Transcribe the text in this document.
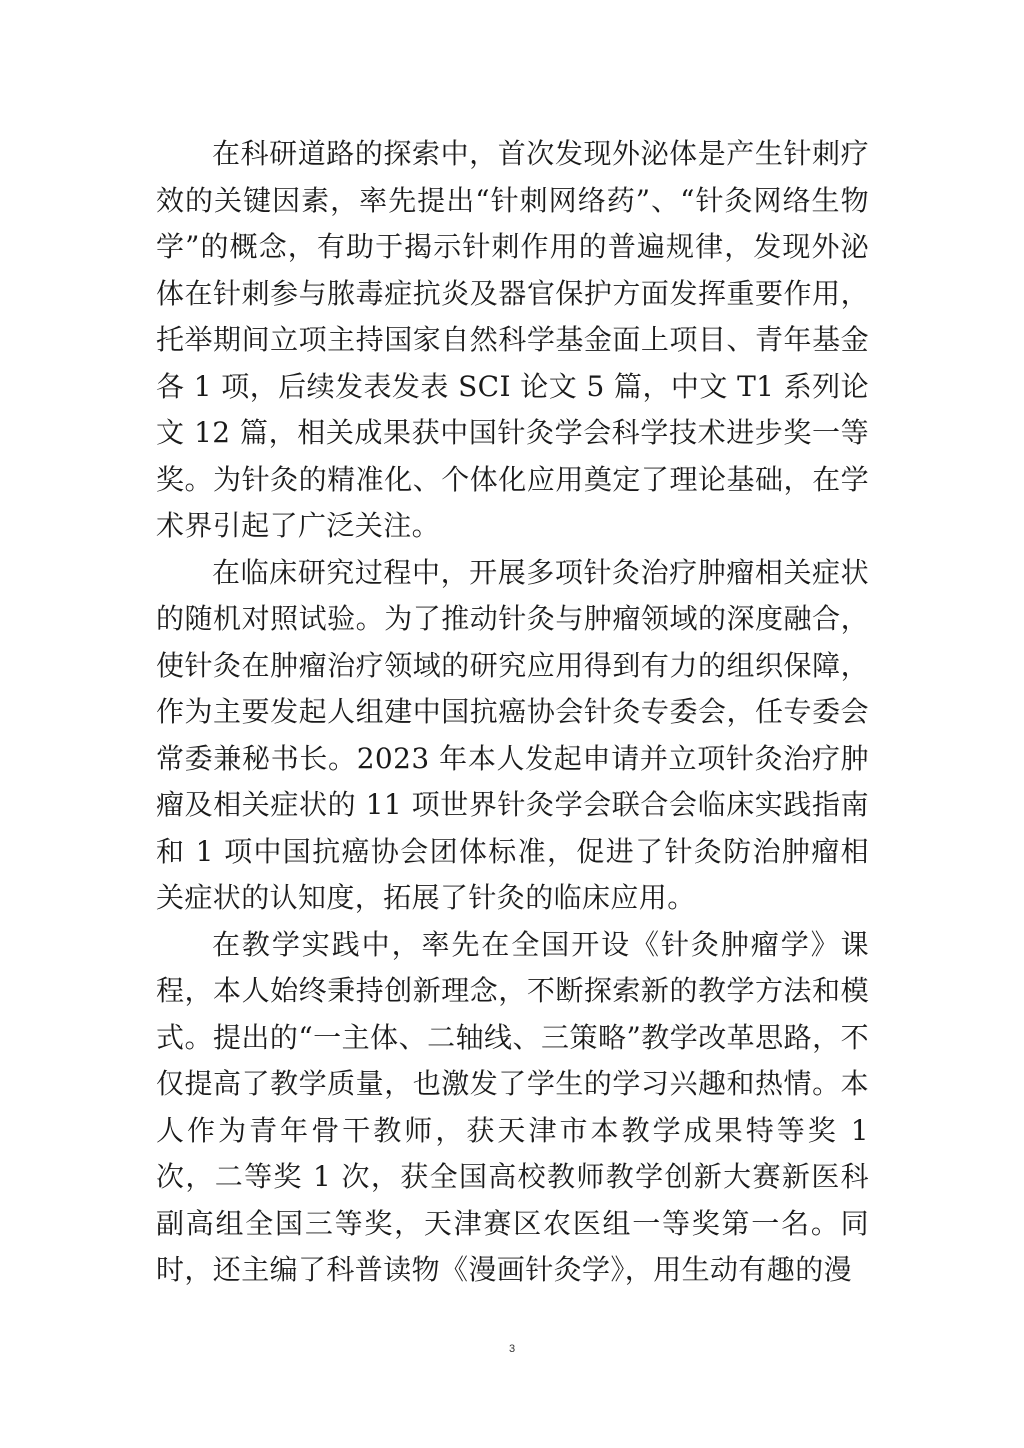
在科研道路的探索中，首次发现外泌体是产生针刺疗效的关键因素，率先提出“针刺网络药”、“针灸网络生物学”的概念，有助于揭示针刺作用的普遍规律，发现外泌体在针刺参与脓毒症抗炎及器官保护方面发挥重要作用，托举期间立项主持国家自然科学基金面上项目、青年基金各 1 项，后续发表发表 SCI 论文 5 篇，中文 T1 系列论文 12 篇，相关成果获中国针灸学会科学技术进步奖一等奖。为针灸的精准化、个体化应用奠定了理论基础，在学术界引起了广泛关注。

在临床研究过程中，开展多项针灸治疗肿瘤相关症状的随机对照试验。为了推动针灸与肿瘤领域的深度融合，使针灸在肿瘤治疗领域的研究应用得到有力的组织保障，作为主要发起人组建中国抗癌协会针灸专委会，任专委会常委兼秘书长。2023 年本人发起申请并立项针灸治疗肿瘤及相关症状的 11 项世界针灸学会联合会临床实践指南和 1 项中国抗癌协会团体标准，促进了针灸防治肿瘤相关症状的认知度，拓展了针灸的临床应用。

在教学实践中，率先在全国开设《针灸肿瘤学》课程，本人始终秉持创新理念，不断探索新的教学方法和模式。提出的“一主体、二轴线、三策略”教学改革思路，不仅提高了教学质量，也激发了学生的学习兴趣和热情。本人作为青年骨干教师，获天津市本教学成果特等奖 1 次，二等奖 1 次，获全国高校教师教学创新大赛新医科副高组全国三等奖，天津赛区农医组一等奖第一名。同时，还主编了科普读物《漫画针灸学》，用生动有趣的漫

3
